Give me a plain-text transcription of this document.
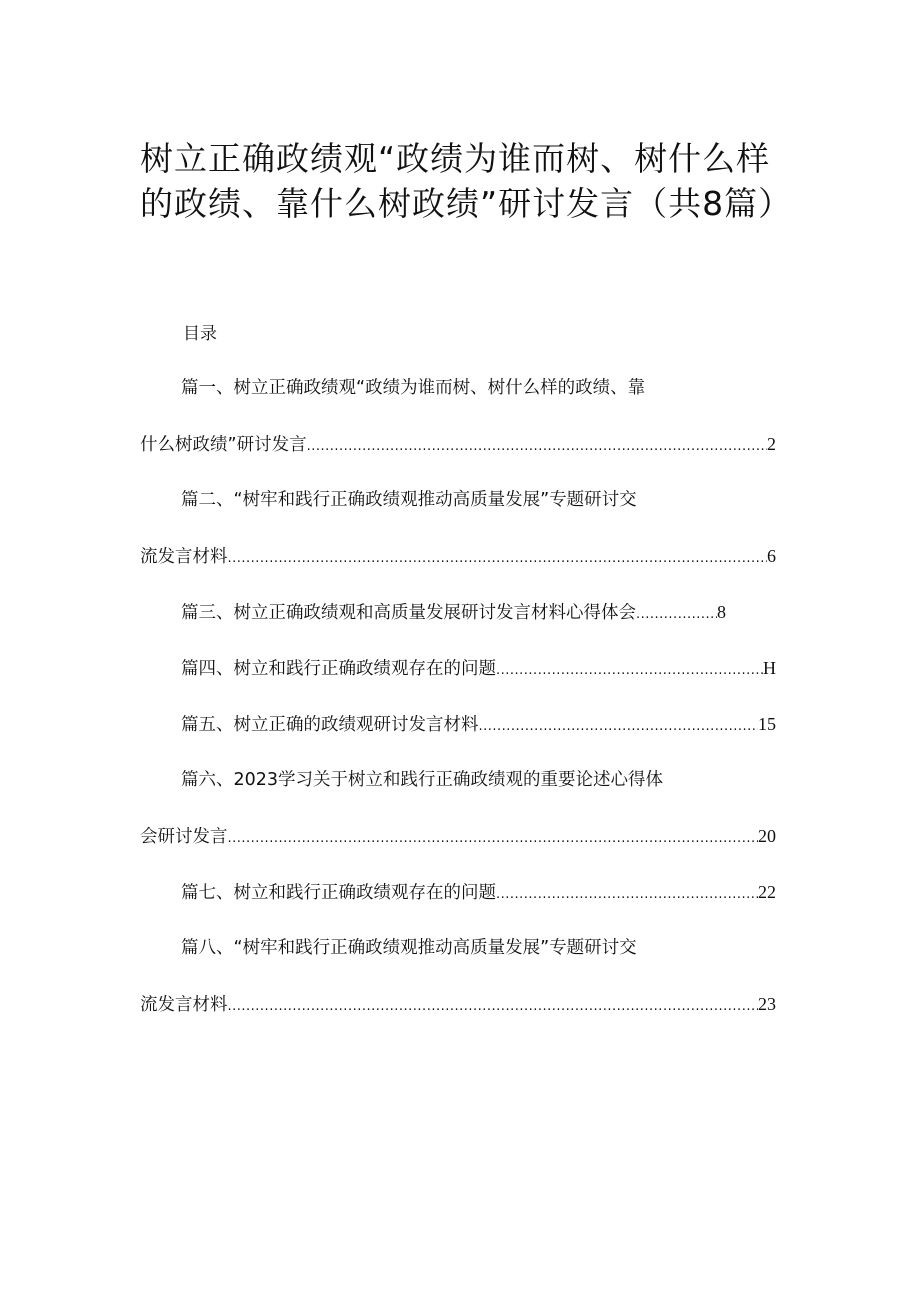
树立正确政绩观“政绩为谁而树、树什么样的政绩、靠什么树政绩”研讨发言（共8篇）
目录
篇一、树立正确政绩观“政绩为谁而树、树什么样的政绩、靠
什么树政绩”研讨发言 .....	2
篇二、“树牢和践行正确政绩观推动高质量发展”专题研讨交
流发言材料 .....	6
篇三、树立正确政绩观和高质量发展研讨发言材料心得体会 .....	8
篇四、树立和践行正确政绩观存在的问题 .....	H
篇五、树立正确的政绩观研讨发言材料 .....	15
篇六、2023学习关于树立和践行正确政绩观的重要论述心得体
会研讨发言 .....	20
篇七、树立和践行正确政绩观存在的问题 .....	22
篇八、“树牢和践行正确政绩观推动高质量发展”专题研讨交
流发言材料 .....	23
